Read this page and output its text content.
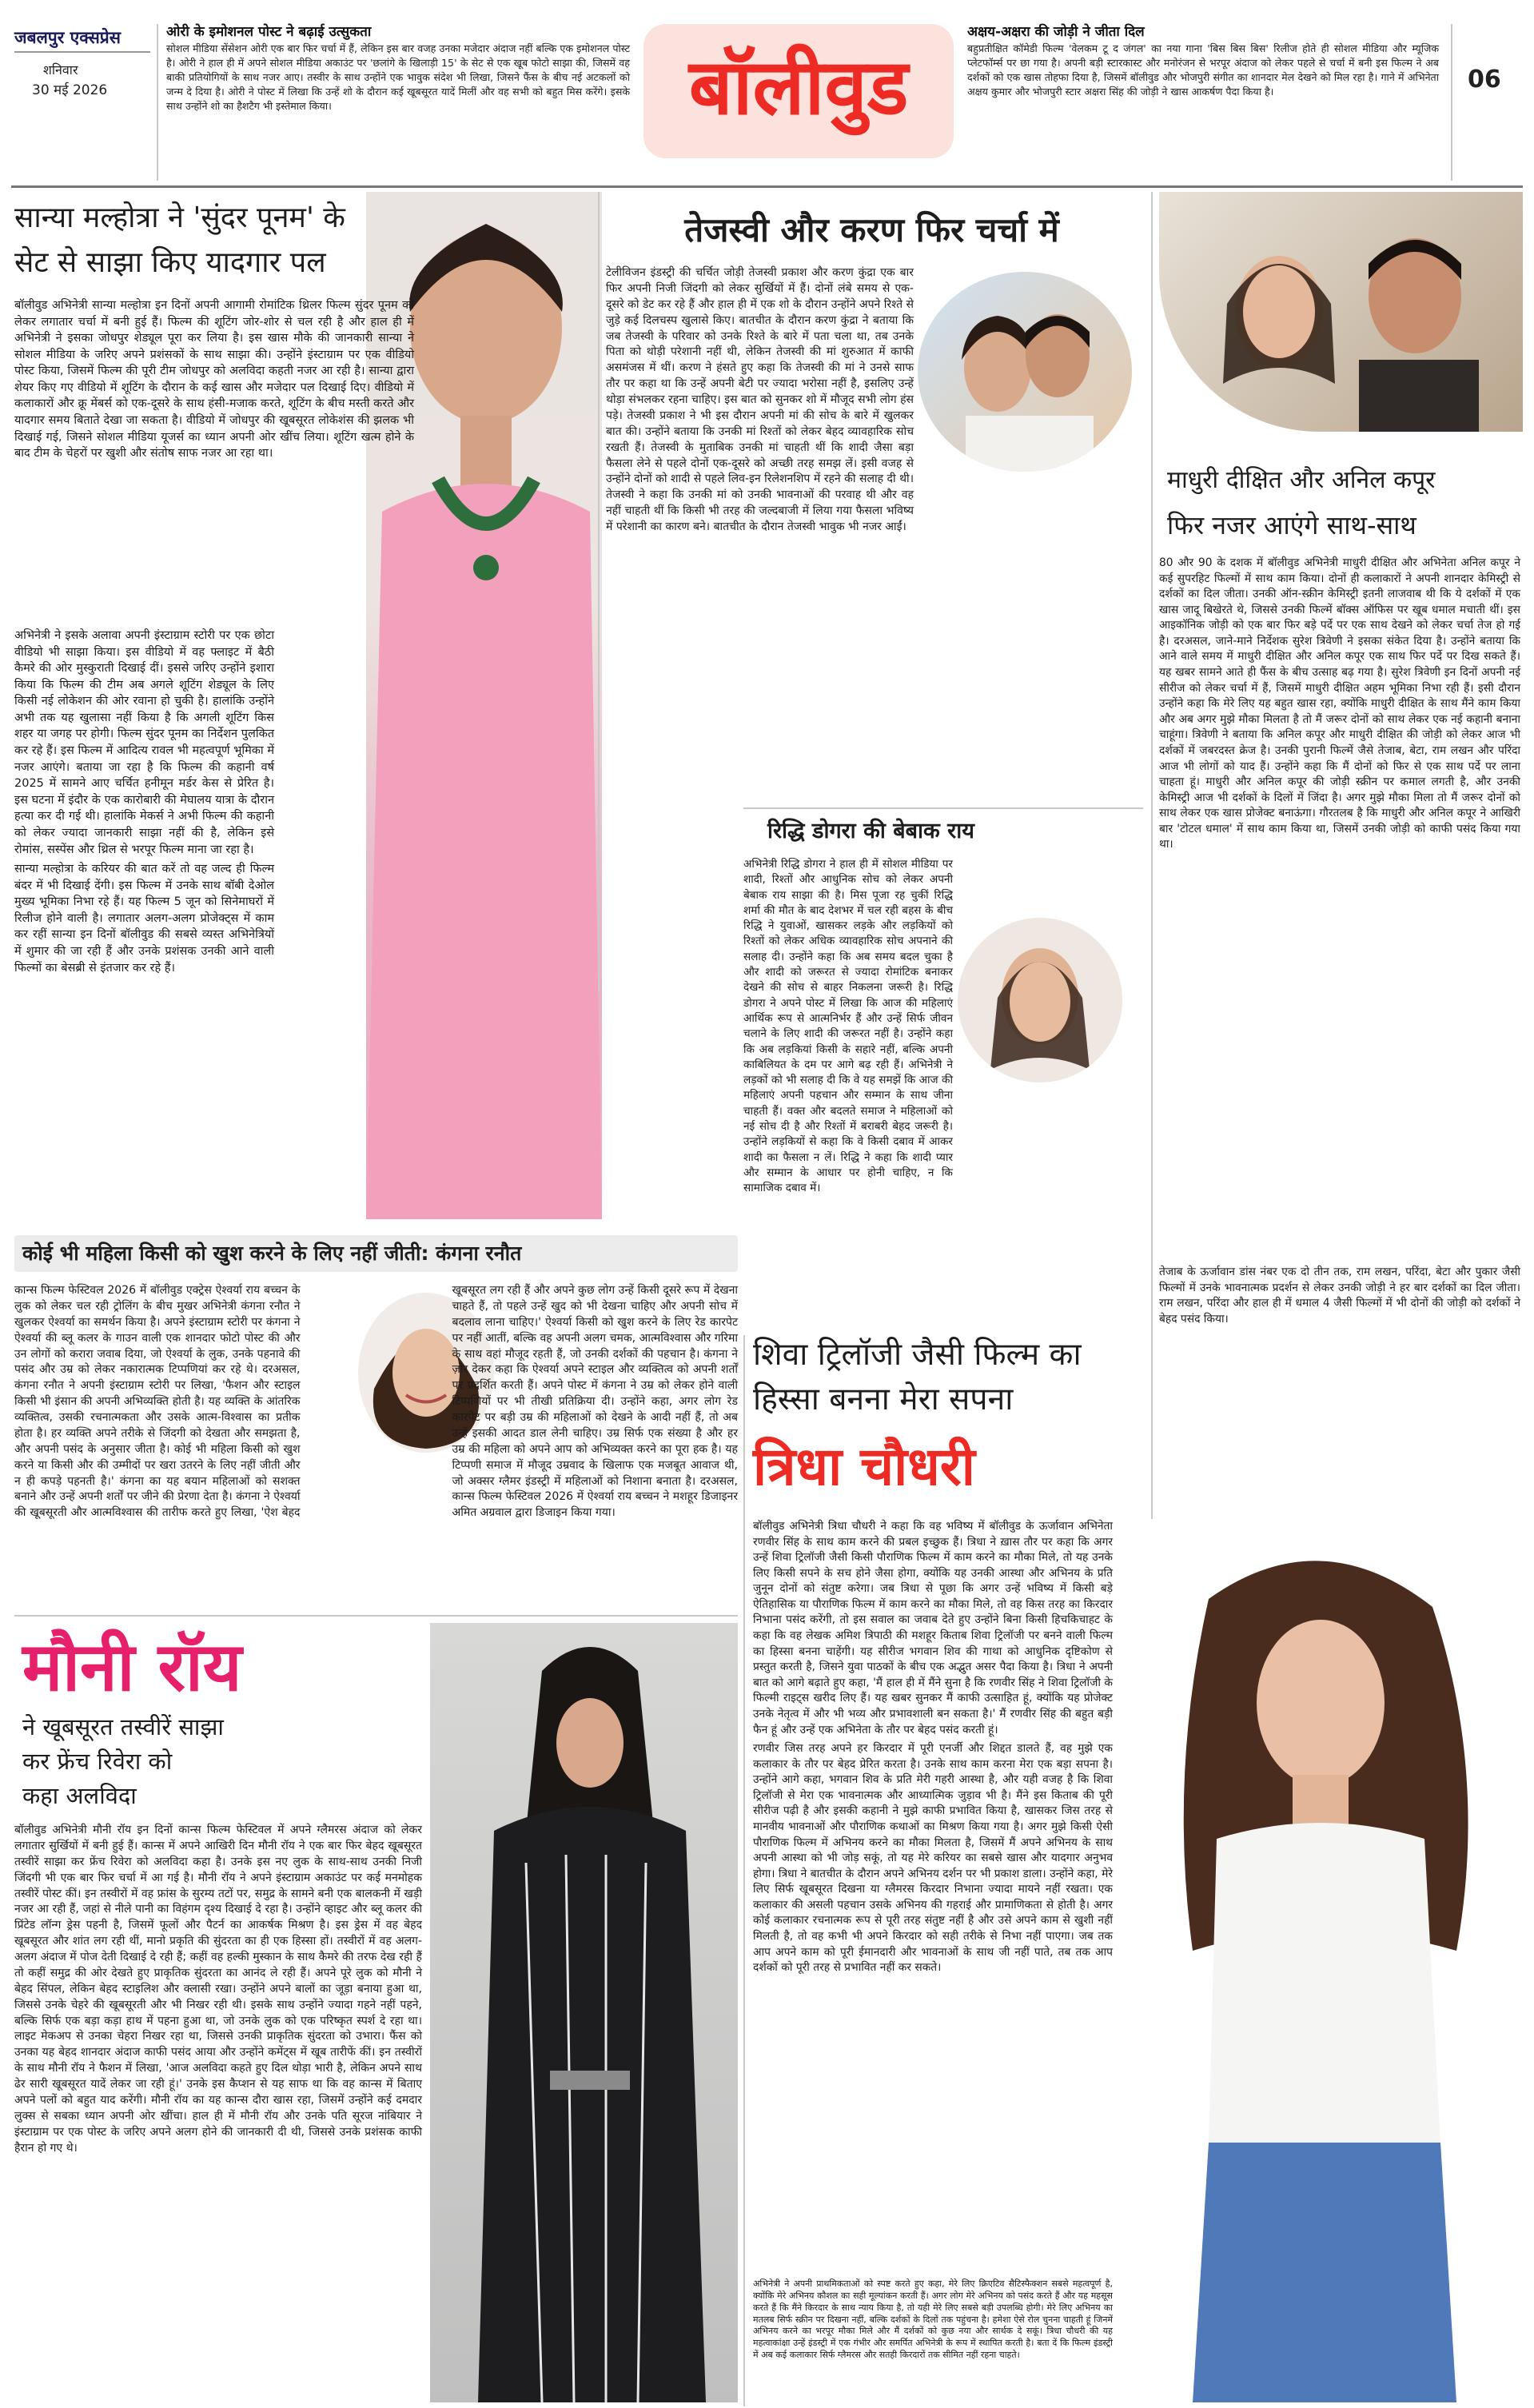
जबलपुर एक्सप्रेस
शनिवार
30 मई 2026
ओरी के इमोशनल पोस्ट ने बढ़ाई उत्सुकता
सोशल मीडिया सेंसेशन ओरी एक बार फिर चर्चा में हैं, लेकिन इस बार वजह उनका मजेदार अंदाज नहीं बल्कि एक इमोशनल पोस्ट है। ओरी ने हाल ही में अपने सोशल मीडिया अकाउंट पर 'छलांगे के खिलाड़ी 15' के सेट से एक खूब फोटो साझा की, जिसमें वह बाकी प्रतियोगियों के साथ नजर आए। तस्वीर के साथ उन्होंने एक भावुक संदेश भी लिखा, जिसने फैंस के बीच नई अटकलों को जन्म दे दिया है। ओरी ने पोस्ट में लिखा कि उन्हें शो के दौरान कई खूबसूरत यादें मिलीं और वह सभी को बहुत मिस करेंगे। इसके साथ उन्होंने शो का हैशटैग भी इस्तेमाल किया।	बॉलीवुड
अक्षय-अक्षरा की जोड़ी ने जीता दिल
बहुप्रतीक्षित कॉमेडी फिल्म 'वेलकम टू द जंगल' का नया गाना 'बिस बिस बिस' रिलीज होते ही सोशल मीडिया और म्यूजिक प्लेटफॉर्म्स पर छा गया है। अपनी बड़ी स्टारकास्ट और मनोरंजन से भरपूर अंदाज को लेकर पहले से चर्चा में बनी इस फिल्म ने अब दर्शकों को एक खास तोहफा दिया है, जिसमें बॉलीवुड और भोजपुरी संगीत का शानदार मेल देखने को मिल रहा है। गाने में अभिनेता अक्षय कुमार और भोजपुरी स्टार अक्षरा सिंह की जोड़ी ने खास आकर्षण पैदा किया है।	06
सान्या मल्होत्रा ने 'सुंदर पूनम' के
सेट से साझा किए यादगार पल

बॉलीवुड अभिनेत्री सान्या मल्होत्रा इन दिनों अपनी आगामी रोमांटिक थ्रिलर फिल्म सुंदर पूनम को लेकर लगातार चर्चा में बनी हुई हैं। फिल्म की शूटिंग जोर-शोर से चल रही है और हाल ही में अभिनेत्री ने इसका जोधपुर शेड्यूल पूरा कर लिया है। इस खास मौके की जानकारी सान्या ने सोशल मीडिया के जरिए अपने प्रशंसकों के साथ साझा की। उन्होंने इंस्टाग्राम पर एक वीडियो पोस्ट किया, जिसमें फिल्म की पूरी टीम जोधपुर को अलविदा कहती नजर आ रही है। सान्या द्वारा शेयर किए गए वीडियो में शूटिंग के दौरान के कई खास और मजेदार पल दिखाई दिए। वीडियो में कलाकारों और क्रू मेंबर्स को एक-दूसरे के साथ हंसी-मजाक करते, शूटिंग के बीच मस्ती करते और यादगार समय बिताते देखा जा सकता है। वीडियो में जोधपुर की खूबसूरत लोकेशंस की झलक भी दिखाई गई, जिसने सोशल मीडिया यूजर्स का ध्यान अपनी ओर खींच लिया। शूटिंग खत्म होने के बाद टीम के चेहरों पर खुशी और संतोष साफ नजर आ रहा था।

अभिनेत्री ने इसके अलावा अपनी इंस्टाग्राम स्टोरी पर एक छोटा वीडियो भी साझा किया। इस वीडियो में वह फ्लाइट में बैठी कैमरे की ओर मुस्कुराती दिखाई दीं। इससे जरिए उन्होंने इशारा किया कि फिल्म की टीम अब अगले शूटिंग शेड्यूल के लिए किसी नई लोकेशन की ओर रवाना हो चुकी है। हालांकि उन्होंने अभी तक यह खुलासा नहीं किया है कि अगली शूटिंग किस शहर या जगह पर होगी। फिल्म सुंदर पूनम का निर्देशन पुलकित कर रहे हैं। इस फिल्म में आदित्य रावल भी महत्वपूर्ण भूमिका में नजर आएंगे। बताया जा रहा है कि फिल्म की कहानी वर्ष 2025 में सामने आए चर्चित हनीमून मर्डर केस से प्रेरित है। इस घटना में इंदौर के एक कारोबारी की मेघालय यात्रा के दौरान हत्या कर दी गई थी। हालांकि मेकर्स ने अभी फिल्म की कहानी को लेकर ज्यादा जानकारी साझा नहीं की है, लेकिन इसे रोमांस, सस्पेंस और थ्रिल से भरपूर फिल्म माना जा रहा है।

सान्या मल्होत्रा के करियर की बात करें तो वह जल्द ही फिल्म बंदर में भी दिखाई देंगी। इस फिल्म में उनके साथ बॉबी देओल मुख्य भूमिका निभा रहे हैं। यह फिल्म 5 जून को सिनेमाघरों में रिलीज होने वाली है। लगातार अलग-अलग प्रोजेक्ट्स में काम कर रहीं सान्या इन दिनों बॉलीवुड की सबसे व्यस्त अभिनेत्रियों में शुमार की जा रही हैं और उनके प्रशंसक उनकी आने वाली फिल्मों का बेसब्री से इंतजार कर रहे हैं।

तेजस्वी और करण फिर चर्चा में

टेलीविजन इंडस्ट्री की चर्चित जोड़ी तेजस्वी प्रकाश और करण कुंद्रा एक बार फिर अपनी निजी जिंदगी को लेकर सुर्खियों में हैं। दोनों लंबे समय से एक-दूसरे को डेट कर रहे हैं और हाल ही में एक शो के दौरान उन्होंने अपने रिश्ते से जुड़े कई दिलचस्प खुलासे किए। बातचीत के दौरान करण कुंद्रा ने बताया कि जब तेजस्वी के परिवार को उनके रिश्ते के बारे में पता चला था, तब उनके पिता को थोड़ी परेशानी नहीं थी, लेकिन तेजस्वी की मां शुरुआत में काफी असमंजस में थीं। करण ने हंसते हुए कहा कि तेजस्वी की मां ने उनसे साफ तौर पर कहा था कि उन्हें अपनी बेटी पर ज्यादा भरोसा नहीं है, इसलिए उन्हें थोड़ा संभलकर रहना चाहिए। इस बात को सुनकर शो में मौजूद सभी लोग हंस पड़े। तेजस्वी प्रकाश ने भी इस दौरान अपनी मां की सोच के बारे में खुलकर बात की। उन्होंने बताया कि उनकी मां रिश्तों को लेकर बेहद व्यावहारिक सोच रखती हैं। तेजस्वी के मुताबिक उनकी मां चाहती थीं कि शादी जैसा बड़ा फैसला लेने से पहले दोनों एक-दूसरे को अच्छी तरह समझ लें। इसी वजह से उन्होंने दोनों को शादी से पहले लिव-इन रिलेशनशिप में रहने की सलाह दी थी। तेजस्वी ने कहा कि उनकी मां को उनकी भावनाओं की परवाह थी और वह नहीं चाहती थीं कि किसी भी तरह की जल्दबाजी में लिया गया फैसला भविष्य में परेशानी का कारण बने। बातचीत के दौरान तेजस्वी भावुक भी नजर आईं।

रिद्धि डोगरा की बेबाक राय

अभिनेत्री रिद्धि डोगरा ने हाल ही में सोशल मीडिया पर शादी, रिश्तों और आधुनिक सोच को लेकर अपनी बेबाक राय साझा की है। मिस पूजा रह चुकीं रिद्धि शर्मा की मौत के बाद देशभर में चल रही बहस के बीच रिद्धि ने युवाओं, खासकर लड़के और लड़कियों को रिश्तों को लेकर अधिक व्यावहारिक सोच अपनाने की सलाह दी। उन्होंने कहा कि अब समय बदल चुका है और शादी को जरूरत से ज्यादा रोमांटिक बनाकर देखने की सोच से बाहर निकलना जरूरी है। रिद्धि डोगरा ने अपने पोस्ट में लिखा कि आज की महिलाएं आर्थिक रूप से आत्मनिर्भर हैं और उन्हें सिर्फ जीवन चलाने के लिए शादी की जरूरत नहीं है। उन्होंने कहा कि अब लड़कियां किसी के सहारे नहीं, बल्कि अपनी काबिलियत के दम पर आगे बढ़ रही हैं। अभिनेत्री ने लड़कों को भी सलाह दी कि वे यह समझें कि आज की महिलाएं अपनी पहचान और सम्मान के साथ जीना चाहती हैं। वक्त और बदलते समाज ने महिलाओं को नई सोच दी है और रिश्तों में बराबरी बेहद जरूरी है। उन्होंने लड़कियों से कहा कि वे किसी दबाव में आकर शादी का फैसला न लें। रिद्धि ने कहा कि शादी प्यार और सम्मान के आधार पर होनी चाहिए, न कि सामाजिक दबाव में।

माधुरी दीक्षित और अनिल कपूर
फिर नजर आएंगे साथ-साथ

80 और 90 के दशक में बॉलीवुड अभिनेत्री माधुरी दीक्षित और अभिनेता अनिल कपूर ने कई सुपरहिट फिल्मों में साथ काम किया। दोनों ही कलाकारों ने अपनी शानदार केमिस्ट्री से दर्शकों का दिल जीता। उनकी ऑन-स्क्रीन केमिस्ट्री इतनी लाजवाब थी कि ये दर्शकों में एक खास जादू बिखेरते थे, जिससे उनकी फिल्में बॉक्स ऑफिस पर खूब धमाल मचाती थीं। इस आइकॉनिक जोड़ी को एक बार फिर बड़े पर्दे पर एक साथ देखने को लेकर चर्चा तेज हो गई है। दरअसल, जाने-माने निर्देशक सुरेश त्रिवेणी ने इसका संकेत दिया है। उन्होंने बताया कि आने वाले समय में माधुरी दीक्षित और अनिल कपूर एक साथ फिर पर्दे पर दिख सकते हैं। यह खबर सामने आते ही फैंस के बीच उत्साह बढ़ गया है। सुरेश त्रिवेणी इन दिनों अपनी नई सीरीज को लेकर चर्चा में हैं, जिसमें माधुरी दीक्षित अहम भूमिका निभा रही हैं। इसी दौरान उन्होंने कहा कि मेरे लिए यह बहुत खास रहा, क्योंकि माधुरी दीक्षित के साथ मैंने काम किया और अब अगर मुझे मौका मिलता है तो मैं जरूर दोनों को साथ लेकर एक नई कहानी बनाना चाहूंगा। त्रिवेणी ने बताया कि अनिल कपूर और माधुरी दीक्षित की जोड़ी को लेकर आज भी दर्शकों में जबरदस्त क्रेज है। उनकी पुरानी फिल्में जैसे तेजाब, बेटा, राम लखन और परिंदा आज भी लोगों को याद हैं। उन्होंने कहा कि मैं दोनों को फिर से एक साथ पर्दे पर लाना चाहता हूं। माधुरी और अनिल कपूर की जोड़ी स्क्रीन पर कमाल लगती है, और उनकी केमिस्ट्री आज भी दर्शकों के दिलों में जिंदा है। अगर मुझे मौका मिला तो मैं जरूर दोनों को साथ लेकर एक खास प्रोजेक्ट बनाऊंगा। गौरतलब है कि माधुरी और अनिल कपूर ने आखिरी बार 'टोटल धमाल' में साथ काम किया था, जिसमें उनकी जोड़ी को काफी पसंद किया गया था।

तेजाब के ऊर्जावान डांस नंबर एक दो तीन तक, राम लखन, परिंदा, बेटा और पुकार जैसी फिल्मों में उनके भावनात्मक प्रदर्शन से लेकर उनकी जोड़ी ने हर बार दर्शकों का दिल जीता। राम लखन, परिंदा और हाल ही में धमाल 4 जैसी फिल्मों में भी दोनों की जोड़ी को दर्शकों ने बेहद पसंद किया।

कोई भी महिला किसी को खुश करने के लिए नहीं जीती: कंगना रनौत

कान्स फिल्म फेस्टिवल 2026 में बॉलीवुड एक्ट्रेस ऐश्वर्या राय बच्चन के लुक को लेकर चल रही ट्रोलिंग के बीच मुखर अभिनेत्री कंगना रनौत ने खुलकर ऐश्वर्या का समर्थन किया है। अपने इंस्टाग्राम स्टोरी पर कंगना ने ऐश्वर्या की ब्लू कलर के गाउन वाली एक शानदार फोटो पोस्ट की और उन लोगों को करारा जवाब दिया, जो ऐश्वर्या के लुक, उनके पहनावे की पसंद और उम्र को लेकर नकारात्मक टिप्पणियां कर रहे थे। दरअसल, कंगना रनौत ने अपनी इंस्टाग्राम स्टोरी पर लिखा, 'फैशन और स्टाइल किसी भी इंसान की अपनी अभिव्यक्ति होती है। यह व्यक्ति के आंतरिक व्यक्तित्व, उसकी रचनात्मकता और उसके आत्म-विश्वास का प्रतीक होता है। हर व्यक्ति अपने तरीके से जिंदगी को देखता और समझता है, और अपनी पसंद के अनुसार जीता है। कोई भी महिला किसी को खुश करने या किसी और की उम्मीदों पर खरा उतरने के लिए नहीं जीती और न ही कपड़े पहनती है।' कंगना का यह बयान महिलाओं को सशक्त बनाने और उन्हें अपनी शर्तों पर जीने की प्रेरणा देता है। कंगना ने ऐश्वर्या की खूबसूरती और आत्मविश्वास की तारीफ करते हुए लिखा, 'ऐश बेहद खूबसूरत लग रही हैं और अपने कुछ लोग उन्हें किसी दूसरे रूप में देखना चाहते हैं, तो पहले उन्हें खुद को भी देखना चाहिए और अपनी सोच में बदलाव लाना चाहिए।' ऐश्वर्या किसी को खुश करने के लिए रेड कारपेट पर नहीं आतीं, बल्कि वह अपनी अलग चमक, आत्मविश्वास और गरिमा के साथ वहां मौजूद रहती हैं, जो उनकी दर्शकों की पहचान है। कंगना ने ज़ोर देकर कहा कि ऐश्वर्या अपने स्टाइल और व्यक्तित्व को अपनी शर्तों पर प्रदर्शित करती हैं। अपने पोस्ट में कंगना ने उम्र को लेकर होने वाली टिप्पणियों पर भी तीखी प्रतिक्रिया दी। उन्होंने कहा, अगर लोग रेड कारपेट पर बड़ी उम्र की महिलाओं को देखने के आदी नहीं हैं, तो अब उन्हें इसकी आदत डाल लेनी चाहिए। उम्र सिर्फ एक संख्या है और हर उम्र की महिला को अपने आप को अभिव्यक्त करने का पूरा हक है। यह टिप्पणी समाज में मौजूद उम्रवाद के खिलाफ एक मजबूत आवाज थी, जो अक्सर ग्लैमर इंडस्ट्री में महिलाओं को निशाना बनाता है। दरअसल, कान्स फिल्म फेस्टिवल 2026 में ऐश्वर्या राय बच्चन ने मशहूर डिजाइनर अमित अग्रवाल द्वारा डिजाइन किया गया।

मौनी रॉय
ने खूबसूरत तस्वीरें साझा
कर फ्रेंच रिवेरा को
कहा अलविदा

बॉलीवुड अभिनेत्री मौनी रॉय इन दिनों कान्स फिल्म फेस्टिवल में अपने ग्लैमरस अंदाज को लेकर लगातार सुर्खियों में बनी हुई हैं। कान्स में अपने आखिरी दिन मौनी रॉय ने एक बार फिर बेहद खूबसूरत तस्वीरें साझा कर फ्रेंच रिवेरा को अलविदा कहा है। उनके इस नए लुक के साथ-साथ उनकी निजी जिंदगी भी एक बार फिर चर्चा में आ गई है। मौनी रॉय ने अपने इंस्टाग्राम अकाउंट पर कई मनमोहक तस्वीरें पोस्ट कीं। इन तस्वीरों में वह फ्रांस के सुरम्य तटों पर, समुद्र के सामने बनी एक बालकनी में खड़ी नजर आ रही हैं, जहां से नीले पानी का विहंगम दृश्य दिखाई दे रहा है। उन्होंने व्हाइट और ब्लू कलर की प्रिंटेड लॉन्ग ड्रेस पहनी है, जिसमें फूलों और पैटर्न का आकर्षक मिश्रण है। इस ड्रेस में वह बेहद खूबसूरत और शांत लग रही थीं, मानो प्रकृति की सुंदरता का ही एक हिस्सा हों। तस्वीरों में वह अलग-अलग अंदाज में पोज देती दिखाई दे रही हैं; कहीं वह हल्की मुस्कान के साथ कैमरे की तरफ देख रही हैं तो कहीं समुद्र की ओर देखते हुए प्राकृतिक सुंदरता का आनंद ले रही हैं। अपने पूरे लुक को मौनी ने बेहद सिंपल, लेकिन बेहद स्टाइलिश और क्लासी रखा। उन्होंने अपने बालों का जूड़ा बनाया हुआ था, जिससे उनके चेहरे की खूबसूरती और भी निखर रही थी। इसके साथ उन्होंने ज्यादा गहने नहीं पहने, बल्कि सिर्फ एक बड़ा कड़ा हाथ में पहना हुआ था, जो उनके लुक को एक परिष्कृत स्पर्श दे रहा था। लाइट मेकअप से उनका चेहरा निखर रहा था, जिससे उनकी प्राकृतिक सुंदरता को उभारा। फैंस को उनका यह बेहद शानदार अंदाज काफी पसंद आया और उन्होंने कमेंट्स में खूब तारीफें कीं। इन तस्वीरों के साथ मौनी रॉय ने फैशन में लिखा, 'आज अलविदा कहते हुए दिल थोड़ा भारी है, लेकिन अपने साथ ढेर सारी खूबसूरत यादें लेकर जा रही हूं।' उनके इस कैप्शन से यह साफ था कि वह कान्स में बिताए अपने पलों को बहुत याद करेंगी। मौनी रॉय का यह कान्स दौरा खास रहा, जिसमें उन्होंने कई दमदार लुक्स से सबका ध्यान अपनी ओर खींचा। हाल ही में मौनी रॉय और उनके पति सूरज नांबियार ने इंस्टाग्राम पर एक पोस्ट के जरिए अपने अलग होने की जानकारी दी थी, जिससे उनके प्रशंसक काफी हैरान हो गए थे।

शिवा ट्रिलॉजी जैसी फिल्म का
हिस्सा बनना मेरा सपना
त्रिधा चौधरी

बॉलीवुड अभिनेत्री त्रिधा चौधरी ने कहा कि वह भविष्य में बॉलीवुड के ऊर्जावान अभिनेता रणवीर सिंह के साथ काम करने की प्रबल इच्छुक हैं। त्रिधा ने ख़ास तौर पर कहा कि अगर उन्हें शिवा ट्रिलॉजी जैसी किसी पौराणिक फिल्म में काम करने का मौका मिले, तो यह उनके लिए किसी सपने के सच होने जैसा होगा, क्योंकि यह उनकी आस्था और अभिनय के प्रति जुनून दोनों को संतुष्ट करेगा। जब त्रिधा से पूछा कि अगर उन्हें भविष्य में किसी बड़े ऐतिहासिक या पौराणिक फिल्म में काम करने का मौका मिले, तो वह किस तरह का किरदार निभाना पसंद करेंगी, तो इस सवाल का जवाब देते हुए उन्होंने बिना किसी हिचकिचाहट के कहा कि वह लेखक अमिश त्रिपाठी की मशहूर किताब शिवा ट्रिलॉजी पर बनने वाली फिल्म का हिस्सा बनना चाहेंगी। यह सीरीज भगवान शिव की गाथा को आधुनिक दृष्टिकोण से प्रस्तुत करती है, जिसने युवा पाठकों के बीच एक अद्भुत असर पैदा किया है। त्रिधा ने अपनी बात को आगे बढ़ाते हुए कहा, 'मैं हाल ही में मैंने सुना है कि रणवीर सिंह ने शिवा ट्रिलॉजी के फिल्मी राइट्स खरीद लिए हैं। यह खबर सुनकर मैं काफी उत्साहित हूं, क्योंकि यह प्रोजेक्ट उनके नेतृत्व में और भी भव्य और प्रभावशाली बन सकता है।' मैं रणवीर सिंह की बहुत बड़ी फैन हूं और उन्हें एक अभिनेता के तौर पर बेहद पसंद करती हूं।

रणवीर जिस तरह अपने हर किरदार में पूरी एनर्जी और शिद्दत डालते हैं, वह मुझे एक कलाकार के तौर पर बेहद प्रेरित करता है। उनके साथ काम करना मेरा एक बड़ा सपना है। उन्होंने आगे कहा, भगवान शिव के प्रति मेरी गहरी आस्था है, और यही वजह है कि शिवा ट्रिलॉजी से मेरा एक भावनात्मक और आध्यात्मिक जुड़ाव भी है। मैंने इस किताब की पूरी सीरीज पढ़ी है और इसकी कहानी ने मुझे काफी प्रभावित किया है, खासकर जिस तरह से मानवीय भावनाओं और पौराणिक कथाओं का मिश्रण किया गया है। अगर मुझे किसी ऐसी पौराणिक फिल्म में अभिनय करने का मौका मिलता है, जिसमें मैं अपने अभिनय के साथ अपनी आस्था को भी जोड़ सकूं, तो यह मेरे करियर का सबसे खास और यादगार अनुभव होगा। त्रिधा ने बातचीत के दौरान अपने अभिनय दर्शन पर भी प्रकाश डाला। उन्होंने कहा, मेरे लिए सिर्फ खूबसूरत दिखना या ग्लैमरस किरदार निभाना ज्यादा मायने नहीं रखता। एक कलाकार की असली पहचान उसके अभिनय की गहराई और प्रामाणिकता से होती है। अगर कोई कलाकार रचनात्मक रूप से पूरी तरह संतुष्ट नहीं है और उसे अपने काम से खुशी नहीं मिलती है, तो वह कभी भी अपने किरदार को सही तरीके से निभा नहीं पाएगा। जब तक आप अपने काम को पूरी ईमानदारी और भावनाओं के साथ जी नहीं पाते, तब तक आप दर्शकों को पूरी तरह से प्रभावित नहीं कर सकते।

अभिनेत्री ने अपनी प्राथमिकताओं को स्पष्ट करते हुए कहा, मेरे लिए क्रिएटिव सैटिस्फैक्शन सबसे महत्वपूर्ण है, क्योंकि मेरे अभिनय कौशल का सही मूल्यांकन करती हैं। अगर लोग मेरे अभिनय को पसंद करते हैं और यह महसूस करते हैं कि मैंने किरदार के साथ न्याय किया है, तो यही मेरे लिए सबसे बड़ी उपलब्धि होगी। मेरे लिए अभिनय का मतलब सिर्फ स्क्रीन पर दिखना नहीं, बल्कि दर्शकों के दिलों तक पहुंचना है। हमेशा ऐसे रोल चुनना चाहती हूं जिनमें अभिनय करने का भरपूर मौका मिले और मैं दर्शकों को कुछ नया और सार्थक दे सकूं। त्रिधा चौधरी की यह महत्वाकांक्षा उन्हें इंडस्ट्री में एक गंभीर और समर्पित अभिनेत्री के रूप में स्थापित करती है। बता दें कि फिल्म इंडस्ट्री में अब कई कलाकार सिर्फ ग्लैमरस और सतही किरदारों तक सीमित नहीं रहना चाहते।
